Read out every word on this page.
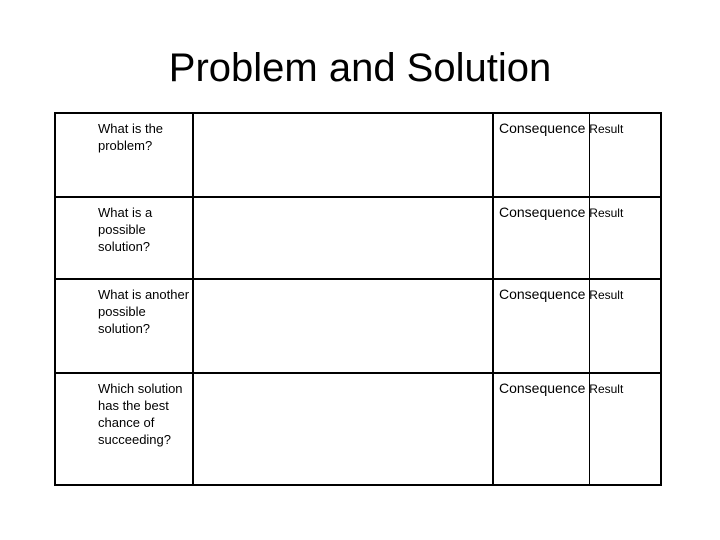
Problem and Solution
What is the problem?
Consequence Result
What is a possible solution?
Consequence Result
What is another possible solution?
Consequence Result
Which solution has the best chance of succeeding?
Consequence Result
